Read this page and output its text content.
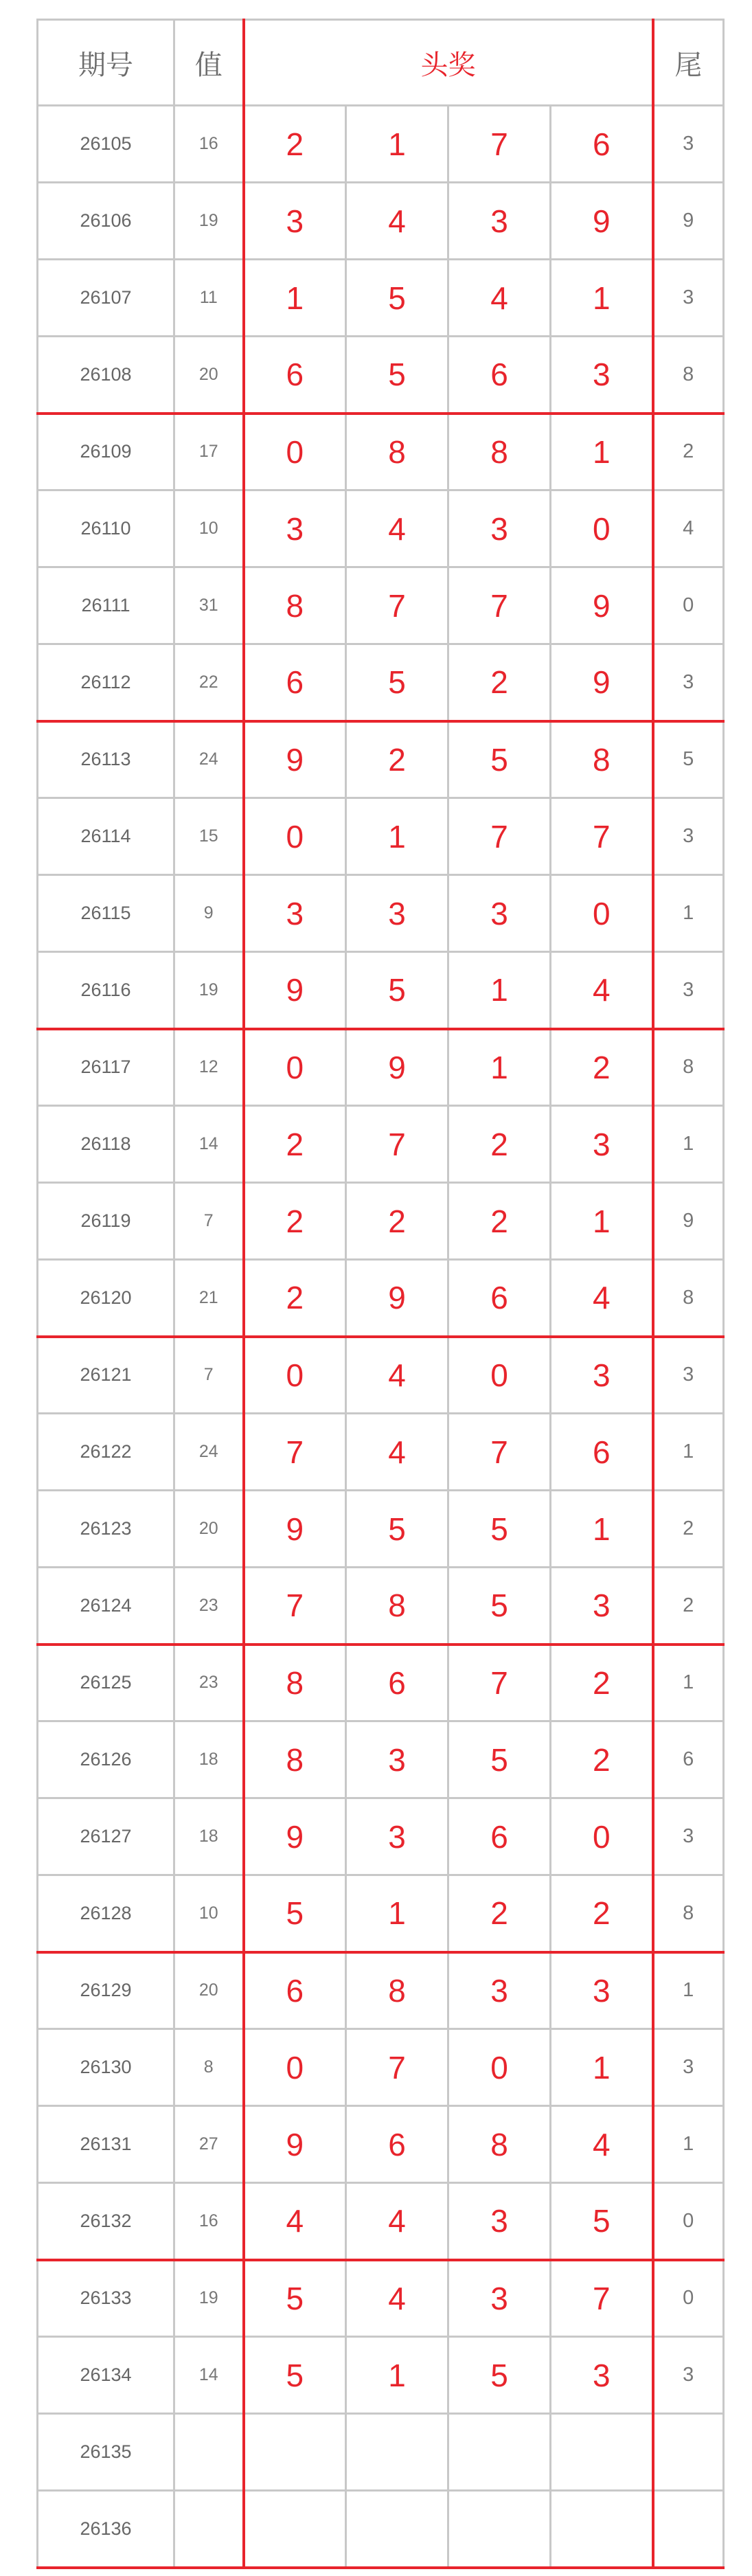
期号	值	头奖				尾
26105	16	2	1	7	6	3
26106	19	3	4	3	9	9
26107	11	1	5	4	1	3
26108	20	6	5	6	3	8
26109	17	0	8	8	1	2
26110	10	3	4	3	0	4
26111	31	8	7	7	9	0
26112	22	6	5	2	9	3
26113	24	9	2	5	8	5
26114	15	0	1	7	7	3
26115	9	3	3	3	0	1
26116	19	9	5	1	4	3
26117	12	0	9	1	2	8
26118	14	2	7	2	3	1
26119	7	2	2	2	1	9
26120	21	2	9	6	4	8
26121	7	0	4	0	3	3
26122	24	7	4	7	6	1
26123	20	9	5	5	1	2
26124	23	7	8	5	3	2
26125	23	8	6	7	2	1
26126	18	8	3	5	2	6
26127	18	9	3	6	0	3
26128	10	5	1	2	2	8
26129	20	6	8	3	3	1
26130	8	0	7	0	1	3
26131	27	9	6	8	4	1
26132	16	4	4	3	5	0
26133	19	5	4	3	7	0
26134	14	5	1	5	3	3
26135						
26136						
